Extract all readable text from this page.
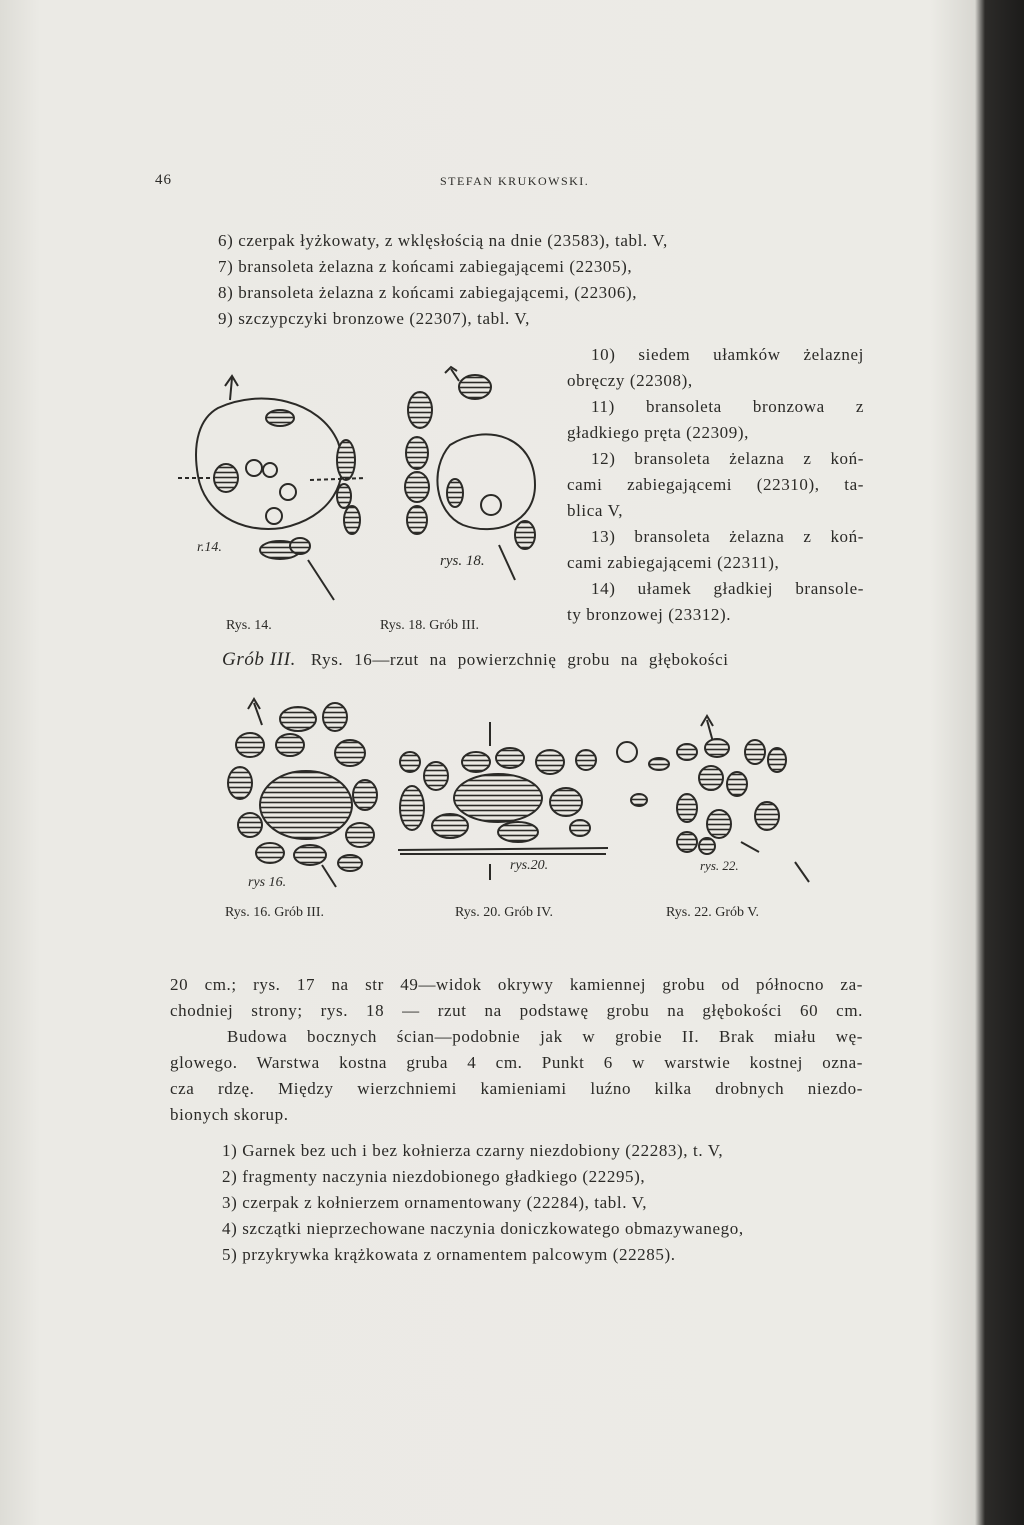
46	STEFAN KRUKOWSKI.
6) czerpak łyżkowaty, z wklęsłością na dnie (23583), tabl. V,
7) bransoleta żelazna z końcami zabiegającemi (22305),
8) bransoleta żelazna z końcami zabiegającemi, (22306),
9) szczypczyki bronzowe (22307), tabl. V,
10) siedem ułamków żelaznej
obręczy (22308),
11) bransoleta bronzowa z
gładkiego pręta (22309),
12) bransoleta żelazna z koń-
cami zabiegającemi (22310), ta-
blica V,
13) bransoleta żelazna z koń-
cami zabiegającemi (22311),
14) ułamek gładkiej bransole-
ty bronzowej (23312).
r.14.
rys. 18.
Rys. 14.	Rys. 18. Grób III.
Grób III. Rys. 16—rzut na powierzchnię grobu na głębokości
rys 16.
rys.20.	rys. 22.
Rys. 16. Grób III.	Rys. 20. Grób IV.	Rys. 22. Grób V.
20 cm.; rys. 17 na str 49—widok okrywy kamiennej grobu od północno za-
chodniej strony; rys. 18 — rzut na podstawę grobu na głębokości 60 cm.
Budowa bocznych ścian—podobnie jak w grobie II. Brak miału wę-
glowego. Warstwa kostna gruba 4 cm. Punkt 6 w warstwie kostnej ozna-
cza rdzę. Między wierzchniemi kamieniami luźno kilka drobnych niezdo-
bionych skorup.
1) Garnek bez uch i bez kołnierza czarny niezdobiony (22283), t. V,
2) fragmenty naczynia niezdobionego gładkiego (22295),
3) czerpak z kołnierzem ornamentowany (22284), tabl. V,
4) szczątki nieprzechowane naczynia doniczkowatego obmazywanego,
5) przykrywka krążkowata z ornamentem palcowym (22285).
